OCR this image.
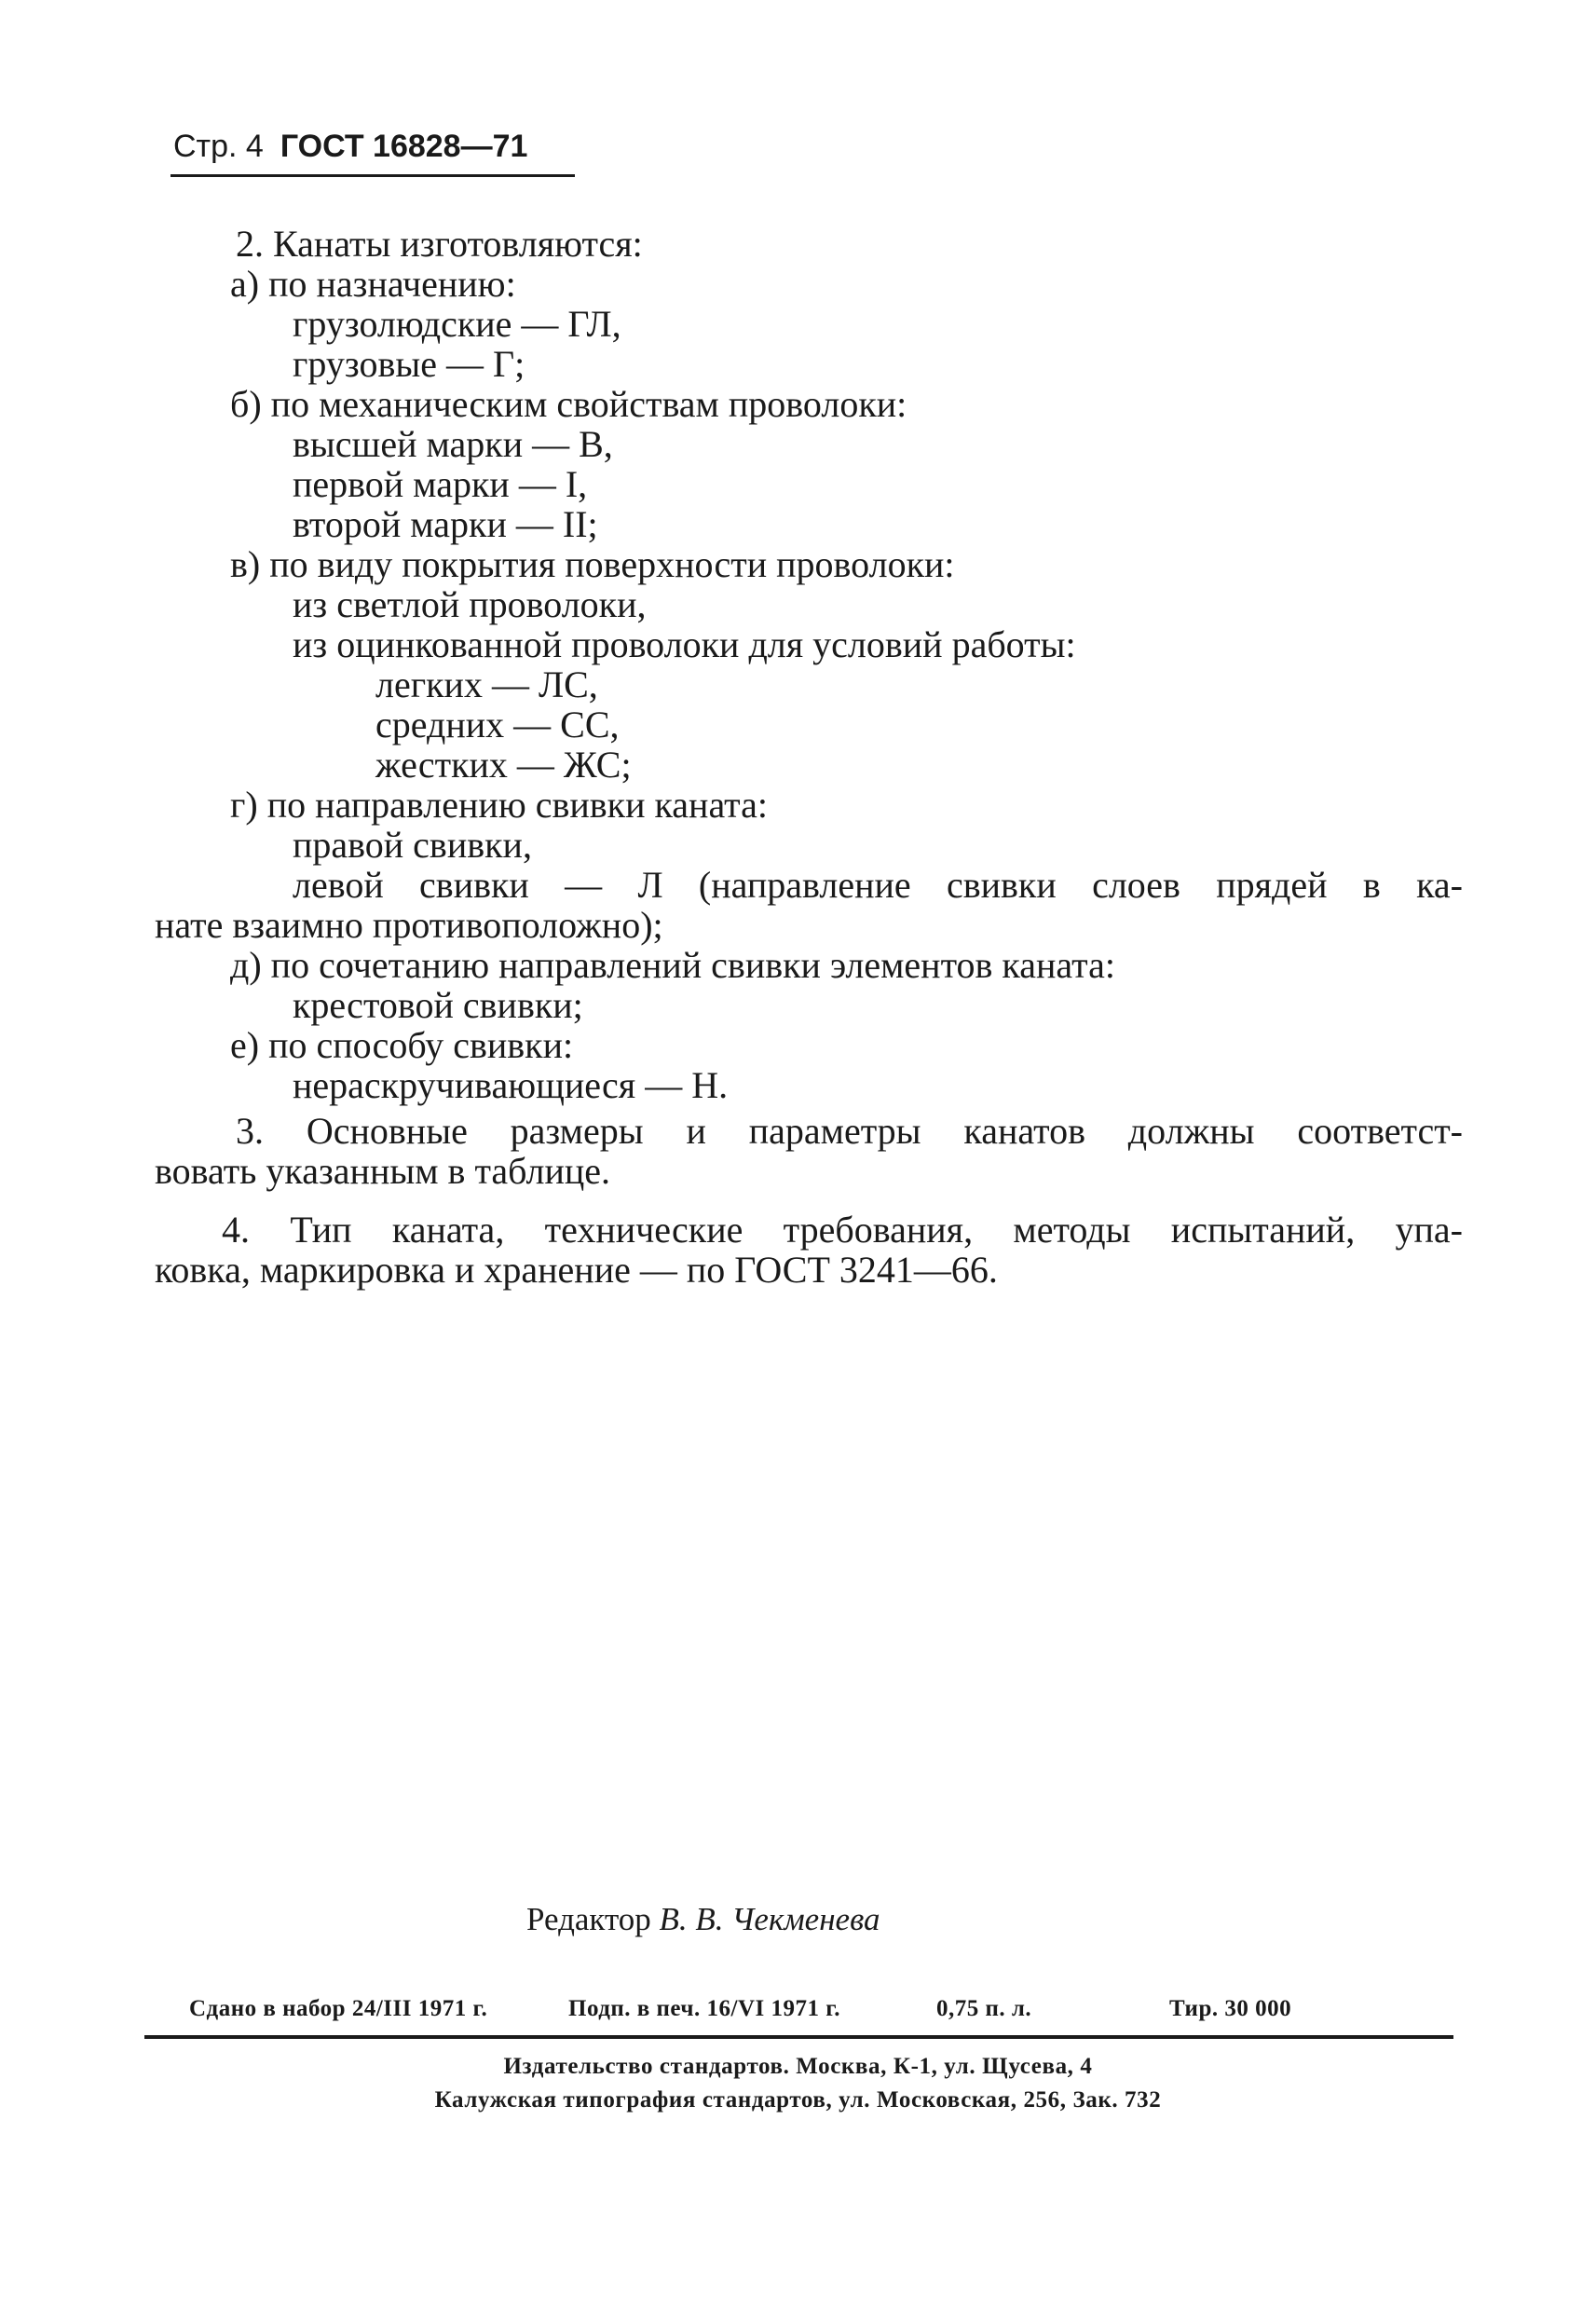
Стр. 4 ГОСТ 16828—71
2. Канаты изготовляются:
а) по назначению:
грузолюдские — ГЛ,
грузовые — Г;
б) по механическим свойствам проволоки:
высшей марки — В,
первой марки — I,
второй марки — II;
в) по виду покрытия поверхности проволоки:
из светлой проволоки,
из оцинкованной проволоки для условий работы:
легких — ЛС,
средних — СС,
жестких — ЖС;
г) по направлению свивки каната:
правой свивки,
левой свивки — Л (направление свивки слоев прядей в ка-
нате взаимно противоположно);
д) по сочетанию направлений свивки элементов каната:
крестовой свивки;
е) по способу свивки:
нераскручивающиеся — Н.
3. Основные размеры и параметры канатов должны соответст-
вовать указанным в таблице.
4. Тип каната, технические требования, методы испытаний, упа-
ковка, маркировка и хранение — по ГОСТ 3241—66.
Редактор В. В. Чекменева
Сдано в набор 24/III 1971 г.	Подп. в печ. 16/VI 1971 г.	0,75 п. л.	Тир. 30 000
Издательство стандартов. Москва, К-1, ул. Щусева, 4
Калужская типография стандартов, ул. Московская, 256, Зак. 732
